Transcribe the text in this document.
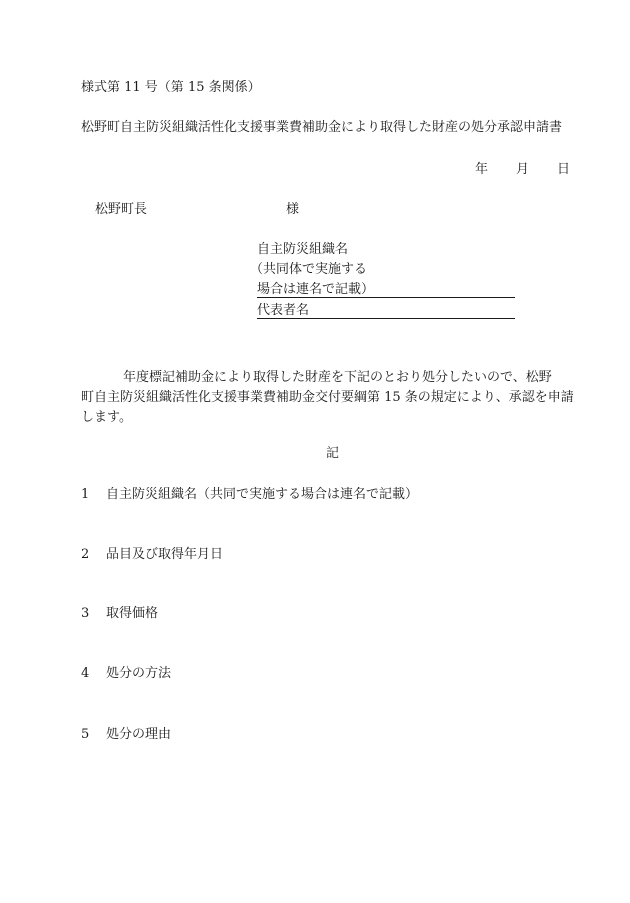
様式第 11 号（第 15 条関係）
松野町自主防災組織活性化支援事業費補助金により取得した財産の処分承認申請書
年 月 日
松野町長	様
自主防災組織名
（共同体で実施する
場合は連名で記載）
代表者名
年度標記補助金により取得した財産を下記のとおり処分したいので、松野
町自主防災組織活性化支援事業費補助金交付要綱第 15 条の規定により、承認を申請
します。
記
1 自主防災組織名（共同で実施する場合は連名で記載）
2 品目及び取得年月日
3 取得価格
4 処分の方法
5 処分の理由
